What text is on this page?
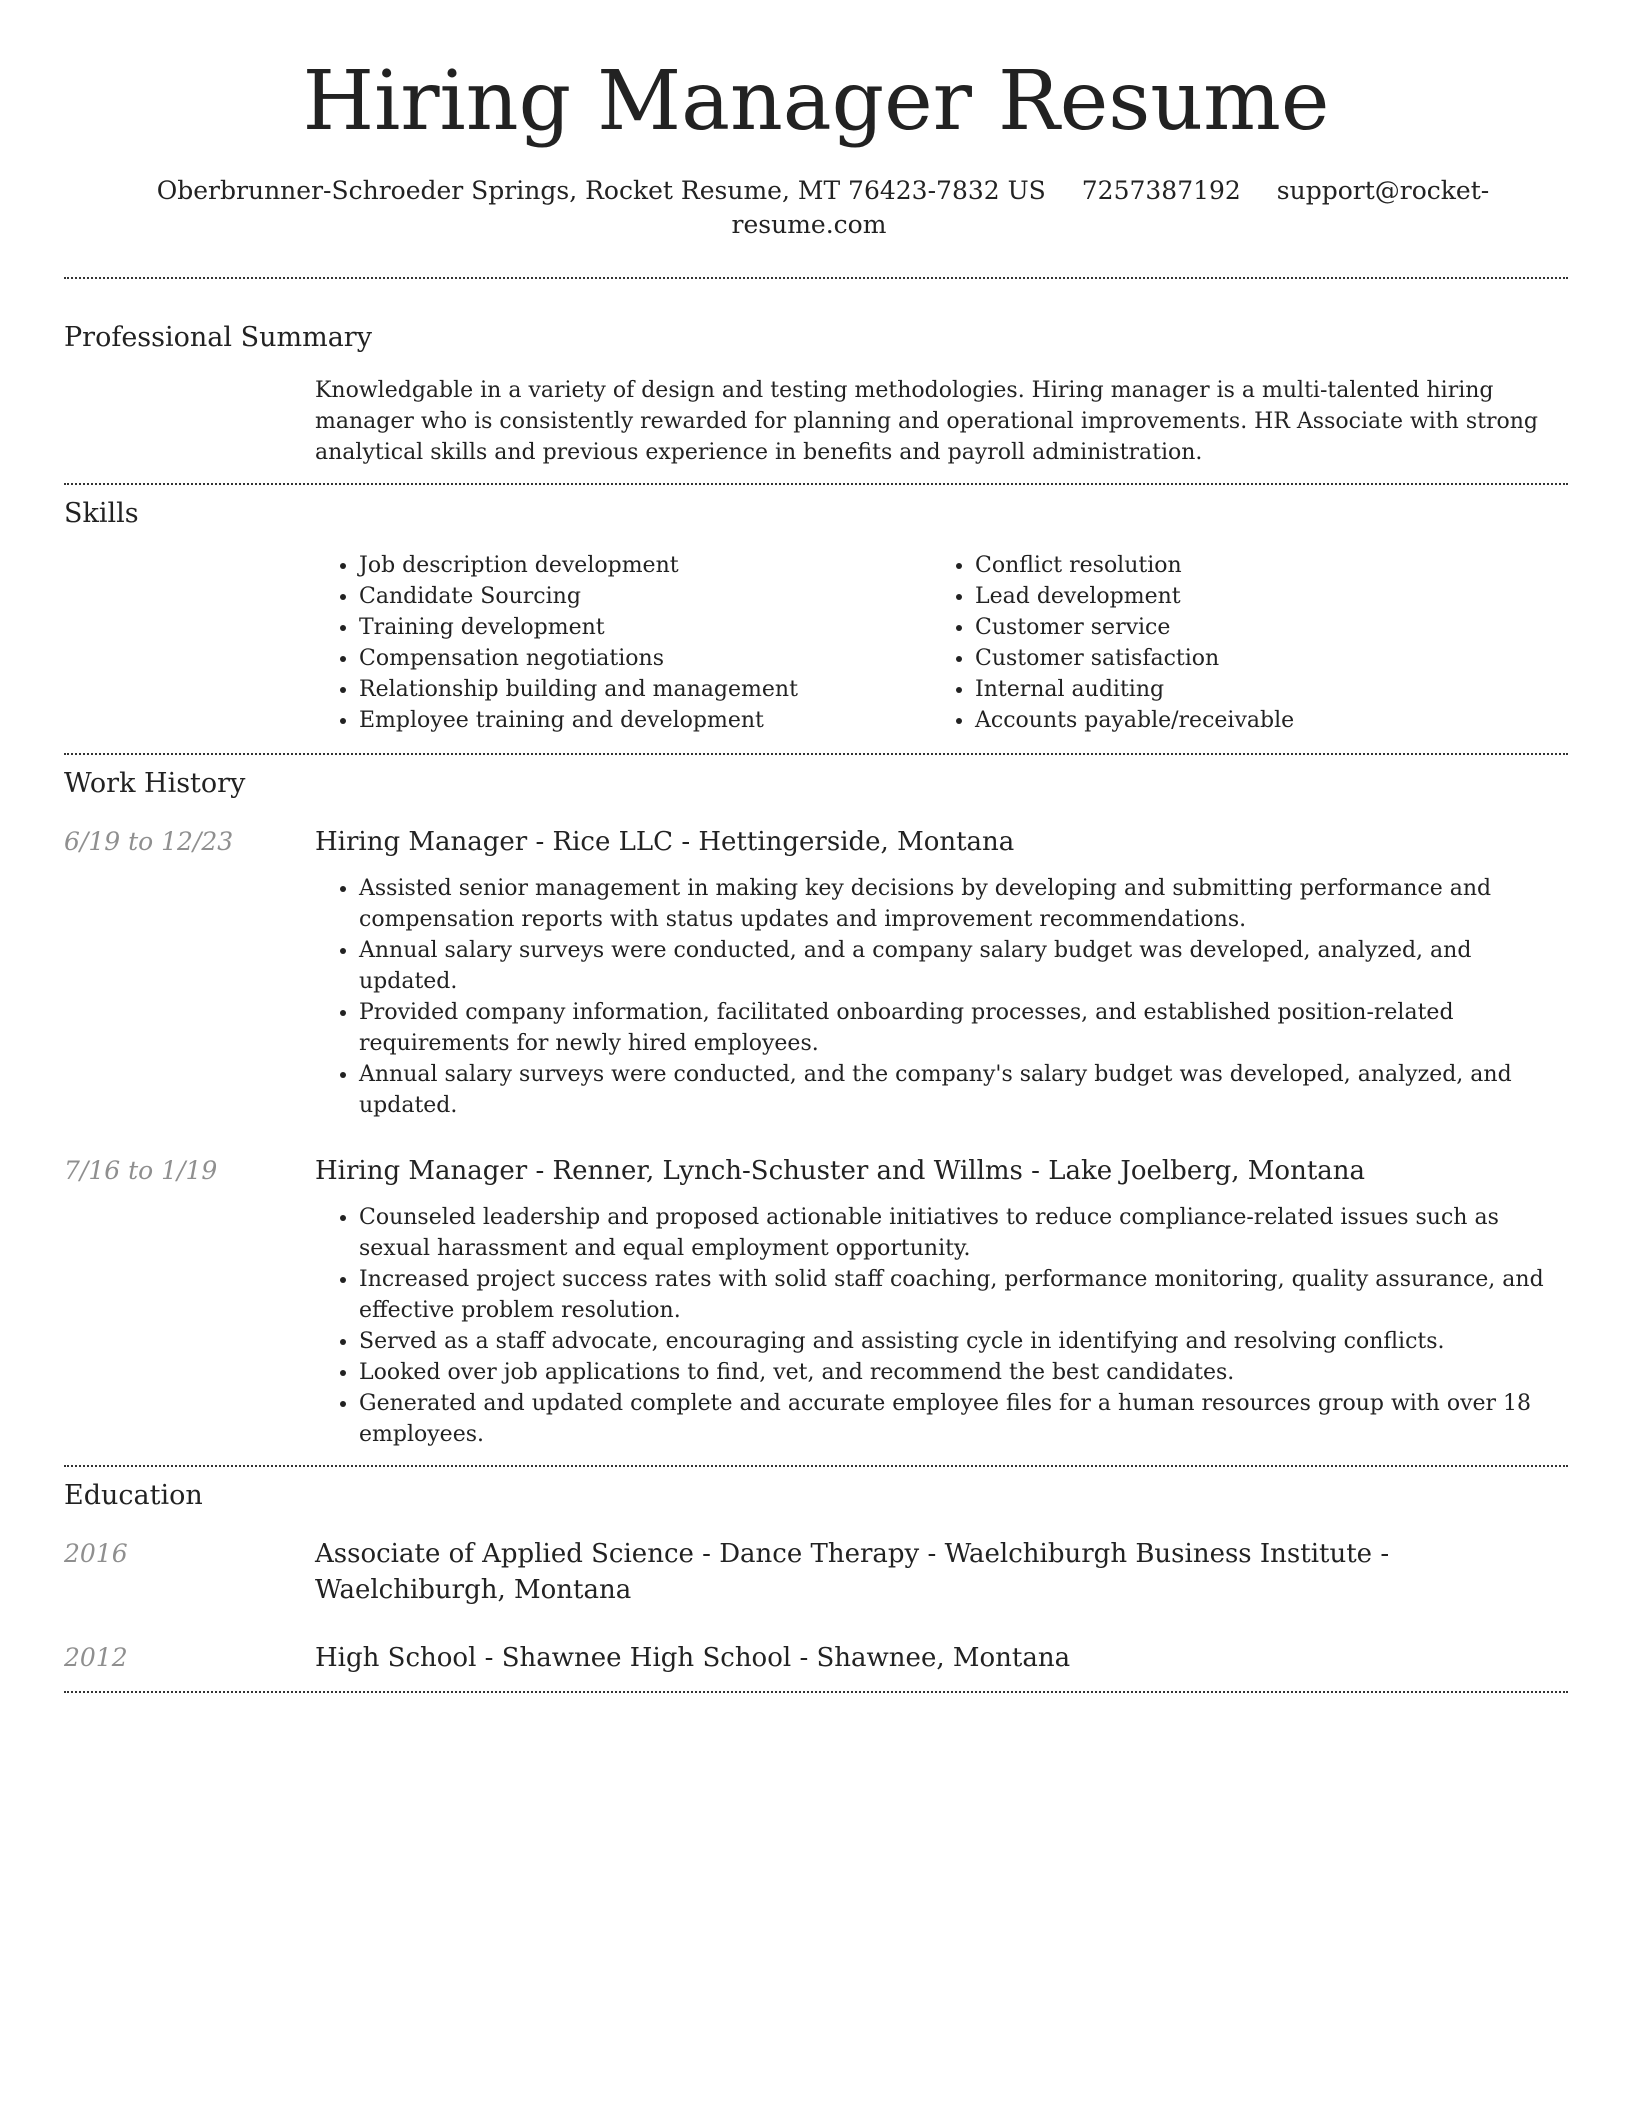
Hiring Manager Resume
Oberbrunner-Schroeder Springs, Rocket Resume, MT 76423-7832 US 7257387192 support@rocket-resume.com
Professional Summary
Knowledgable in a variety of design and testing methodologies. Hiring manager is a multi-talented hiring manager who is consistently rewarded for planning and operational improvements. HR Associate with strong analytical skills and previous experience in benefits and payroll administration.
Skills
• Job description development
• Candidate Sourcing
• Training development
• Compensation negotiations
• Relationship building and management
• Employee training and development
• Conflict resolution
• Lead development
• Customer service
• Customer satisfaction
• Internal auditing
• Accounts payable/receivable
Work History
6/19 to 12/23	Hiring Manager - Rice LLC - Hettingerside, Montana
• Assisted senior management in making key decisions by developing and submitting performance and compensation reports with status updates and improvement recommendations.
• Annual salary surveys were conducted, and a company salary budget was developed, analyzed, and updated.
• Provided company information, facilitated onboarding processes, and established position-related requirements for newly hired employees.
• Annual salary surveys were conducted, and the company's salary budget was developed, analyzed, and updated.
7/16 to 1/19	Hiring Manager - Renner, Lynch-Schuster and Willms - Lake Joelberg, Montana
• Counseled leadership and proposed actionable initiatives to reduce compliance-related issues such as sexual harassment and equal employment opportunity.
• Increased project success rates with solid staff coaching, performance monitoring, quality assurance, and effective problem resolution.
• Served as a staff advocate, encouraging and assisting cycle in identifying and resolving conflicts.
• Looked over job applications to find, vet, and recommend the best candidates.
• Generated and updated complete and accurate employee files for a human resources group with over 18 employees.
Education
2016	Associate of Applied Science - Dance Therapy - Waelchiburgh Business Institute - Waelchiburgh, Montana
2012	High School - Shawnee High School - Shawnee, Montana
